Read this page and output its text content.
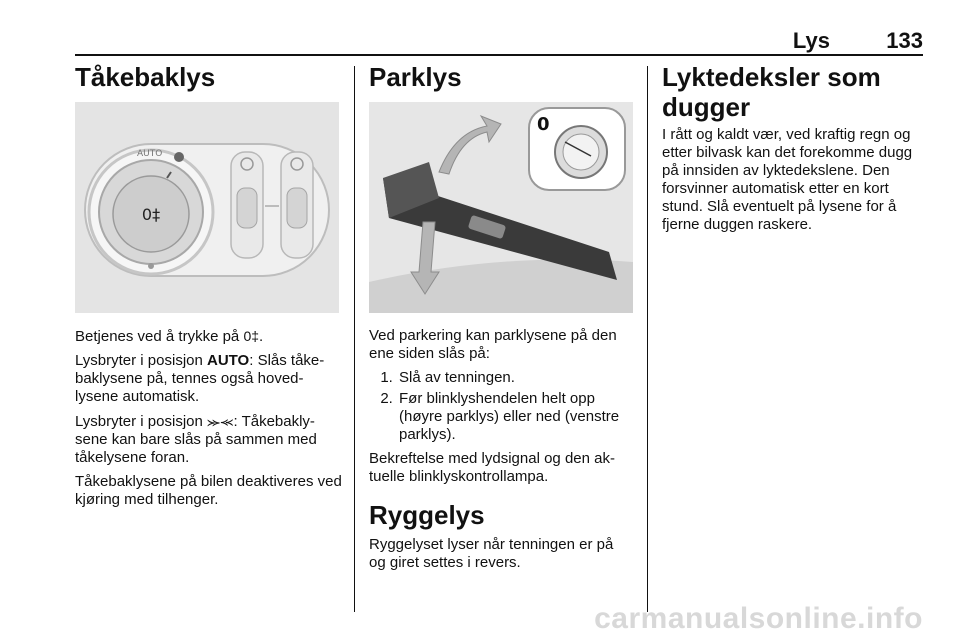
Lys	133
Tåkebaklys
0‡
AUTO

Betjenes ved å trykke på 0‡.

Lysbryter i posisjon AUTO: Slås tåke-baklysene på, tennes også hoved-lysene automatisk.

Lysbryter i posisjon ⪼⪻: Tåkebakly-sene kan bare slås på sammen med tåkelysene foran.

Tåkebaklysene på bilen deaktiveres ved kjøring med tilhenger.

Parklys
0

Ved parkering kan parklysene på den ene siden slås på:

1. Slå av tenningen.
2. Før blinklyshendelen helt opp (høyre parklys) eller ned (venstre parklys).

Bekreftelse med lydsignal og den ak-tuelle blinklyskontrollampa.

Ryggelys

Ryggelyset lyser når tenningen er på og giret settes i revers.

Lyktedeksler som dugger

I rått og kaldt vær, ved kraftig regn og etter bilvask kan det forekomme dugg på innsiden av lyktedekslene. Den forsvinner automatisk etter en kort stund. Slå eventuelt på lysene for å fjerne duggen raskere.

carmanualsonline.info
